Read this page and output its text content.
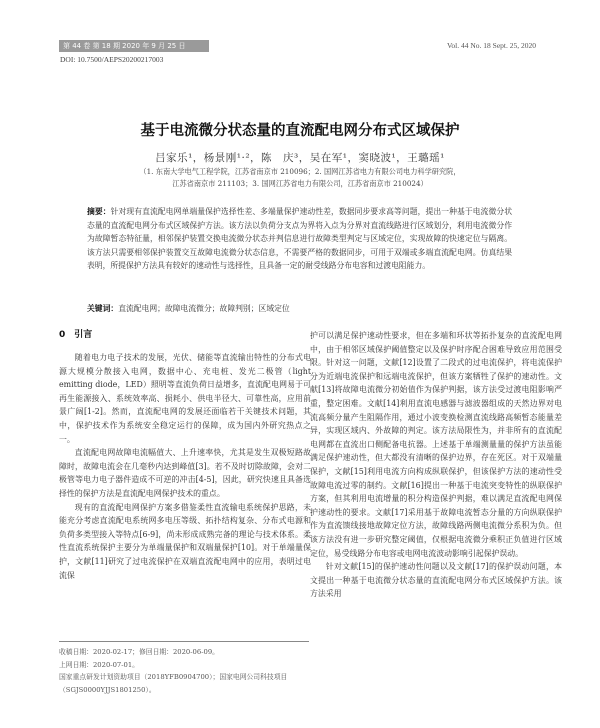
第 44 卷 第 18 期 2020 年 9 月 25 日	Vol. 44 No. 18 Sept. 25, 2020
DOI: 10.7500/AEPS20200217003
基于电流微分状态量的直流配电网分布式区域保护
吕家乐¹，杨景刚¹·²，陈　庆³，吴在军¹，窦晓波¹，王璐瑶¹
（1. 东南大学电气工程学院，江苏省南京市 210096；2. 国网江苏省电力有限公司电力科学研究院，
江苏省南京市 211103；3. 国网江苏省电力有限公司，江苏省南京市 210024）
摘要：针对现有直流配电网单端量保护选择性差、多端量保护速动性差，数据同步要求高等问题，提出一种基于电流微分状态量的直流配电网分布式区域保护方法。该方法以负荷分支点为界将入点为分界对直流线路进行区域划分，利用电流微分作为故障暂态特征量，相邻保护装置交换电流微分状态并判信息进行故障类型判定与区域定位，实现故障的快速定位与隔离。该方法只需要相邻保护装置交互故障电流微分状态信息，不需要严格的数据同步，可用于双端或多端直流配电网。仿真结果表明，所提保护方法具有较好的速动性与选择性，且具备一定的耐受线路分布电容和过渡电阻能力。
关键词：直流配电网；故障电流微分；故障判别；区域定位
0　引言

随着电力电子技术的发展，光伏、储能等直流输出特性的分布式电源大规模分散接入电网，数据中心、充电桩、发光二极管（light emitting diode，LED）照明等直流负荷日益增多，直流配电网易于可再生能源接入、系统效率高、损耗小、供电半径大、可靠性高，应用前景广阔[1-2]。然而，直流配电网的发展还面临若干关键技术问题，其中，保护技术作为系统安全稳定运行的保障，成为国内外研究热点之一。

直流配电网故障电流幅值大、上升速率快，尤其是发生双极短路故障时，故障电流会在几毫秒内达到峰值[3]。若不及时切除故障，会对二极管等电力电子器件造成不可逆的冲击[4-5]，因此，研究快速且具备选择性的保护方法是直流配电网保护技术的重点。

现有的直流配电网保护方案多借鉴柔性直流输电系统保护思路，未能充分考虑直流配电系统网多电压等级、拓扑结构复杂、分布式电源和负荷多类型接入等特点[6-9]，尚未形成成熟完备的理论与技术体系。柔性直流系统保护主要分为单端量保护和双端量保护[10]。对于单端量保护，文献[11]研究了过电流保护在双端直流配电网中的应用，表明过电流保

护可以满足保护速动性要求，但在多端和环状等拓扑复杂的直流配电网中，由于相邻区域保护阈值整定以及保护时序配合困难导致应用范围受限。针对这一问题，文献[12]设置了二段式的过电流保护，将电流保护分为近端电流保护和远端电流保护，但该方案牺牲了保护的速动性。文献[13]将故障电流微分初始值作为保护判据，该方法受过渡电阻影响严重，整定困难。文献[14]利用直流电感器与滤波器组成的天然边界对电流高频分量产生阻隔作用，通过小波变换检测直流线路高频暂态能量差异，实现区域内、外故障的判定。该方法局限性为，并非所有的直流配电网都在直流出口侧配备电抗器。上述基于单端测量量的保护方法虽能满足保护速动性，但大都没有清晰的保护边界，存在死区。对于双端量保护，文献[15]利用电流方向构成纵联保护，但该保护方法的速动性受故障电流过零的制约。文献[16]提出一种基于电流突变特性的纵联保护方案，但其利用电流增量的积分构造保护判据，难以满足直流配电网保护速动性的要求。文献[17]采用基于故障电流暂态分量的方向纵联保护作为直流馈线接地故障定位方法，故障线路两侧电流微分系积为负。但该方法没有进一步研究整定阈值，仅根据电流微分乘积正负值进行区域定位，易受线路分布电容或电网电流波动影响引起保护误动。

针对文献[15]的保护速动性问题以及文献[17]的保护误动问题，本文提出一种基于电流微分状态量的直流配电网分布式区域保护方法。该方法采用

收稿日期：2020-02-17；修回日期：2020-06-09。
上网日期：2020-07-01。
国家重点研发计划资助项目（2018YFB0904700）；国家电网公司科技项目（SGJS0000YJJS1801250）。
